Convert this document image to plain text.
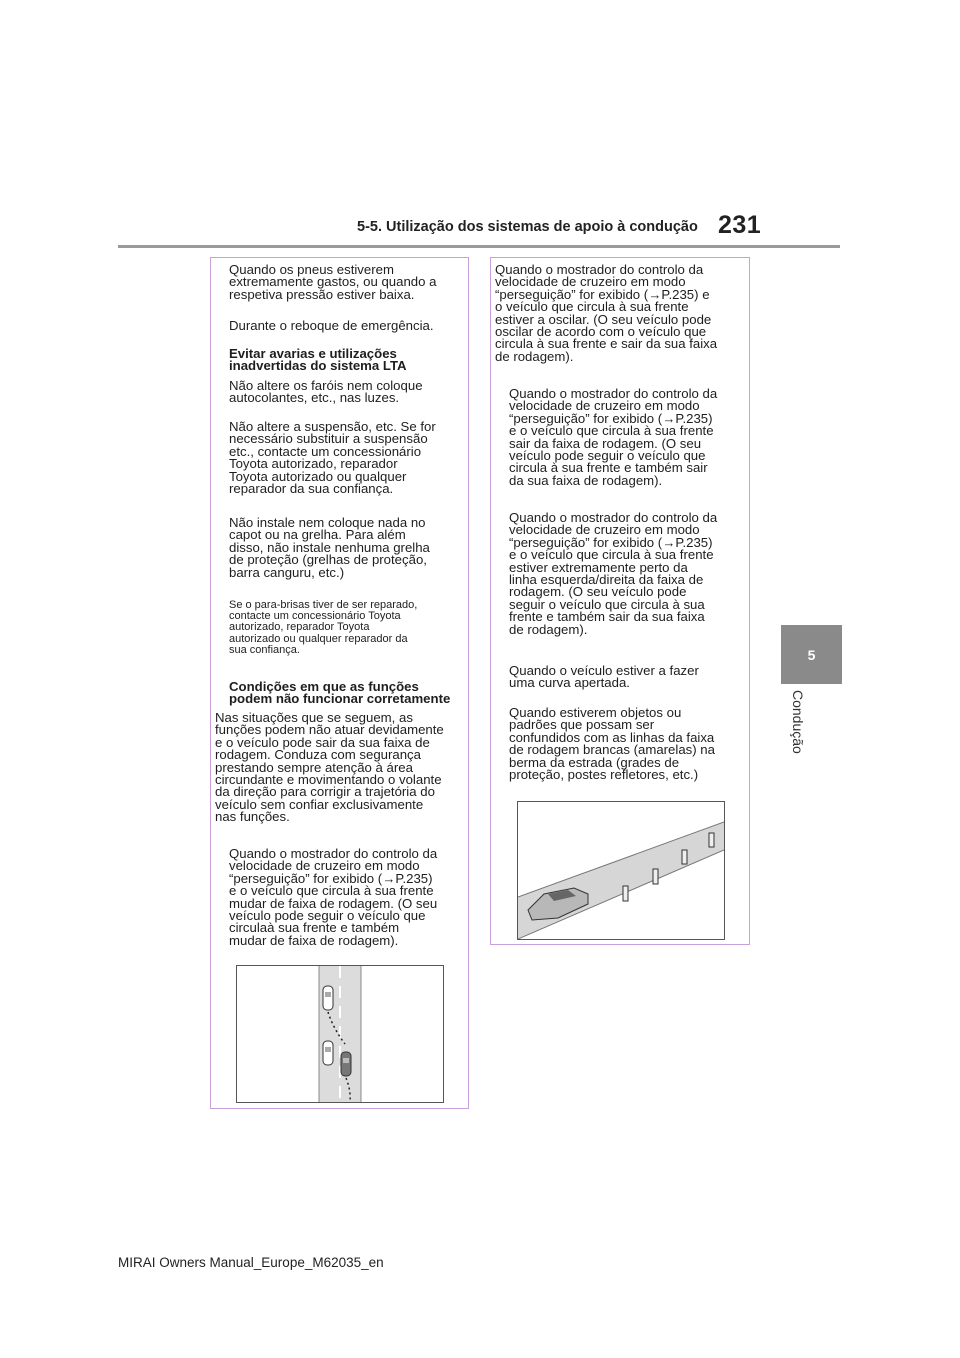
5-5. Utilização dos sistemas de apoio à condução 231
5
Condução
Quando os pneus estiverem
extremamente gastos, ou quando a
respetiva pressão estiver baixa.
Durante o reboque de emergência.
Evitar avarias e utilizações
inadvertidas do sistema LTA
Não altere os faróis nem coloque
autocolantes, etc., nas luzes.
Não altere a suspensão, etc. Se for
necessário substituir a suspensão
etc., contacte um concessionário
Toyota autorizado, reparador
Toyota autorizado ou qualquer
reparador da sua confiança.
Não instale nem coloque nada no
capot ou na grelha. Para além
disso, não instale nenhuma grelha
de proteção (grelhas de proteção,
barra canguru, etc.)
Se o para-brisas tiver de ser reparado,
contacte um concessionário Toyota
autorizado, reparador Toyota
autorizado ou qualquer reparador da
sua confiança.
Condições em que as funções
podem não funcionar corretamente
Nas situações que se seguem, as
funções podem não atuar devidamente
e o veículo pode sair da sua faixa de
rodagem. Conduza com segurança
prestando sempre atenção à área
circundante e movimentando o volante
da direção para corrigir a trajetória do
veículo sem confiar exclusivamente
nas funções.
Quando o mostrador do controlo da
velocidade de cruzeiro em modo
“perseguição” for exibido (→P.235)
e o veículo que circula à sua frente
mudar de faixa de rodagem. (O seu
veículo pode seguir o veículo que
circulaà sua frente e também
mudar de faixa de rodagem).
Quando o mostrador do controlo da
velocidade de cruzeiro em modo
“perseguição” for exibido (→P.235) e
o veículo que circula à sua frente
estiver a oscilar. (O seu veículo pode
oscilar de acordo com o veículo que
circula à sua frente e sair da sua faixa
de rodagem).
Quando o mostrador do controlo da
velocidade de cruzeiro em modo
“perseguição” for exibido (→P.235)
e o veículo que circula à sua frente
sair da faixa de rodagem. (O seu
veículo pode seguir o veículo que
circula à sua frente e também sair
da sua faixa de rodagem).
Quando o mostrador do controlo da
velocidade de cruzeiro em modo
“perseguição” for exibido (→P.235)
e o veículo que circula à sua frente
estiver extremamente perto da
linha esquerda/direita da faixa de
rodagem. (O seu veículo pode
seguir o veículo que circula à sua
frente e também sair da sua faixa
de rodagem).
Quando o veículo estiver a fazer
uma curva apertada.
Quando estiverem objetos ou
padrões que possam ser
confundidos com as linhas da faixa
de rodagem brancas (amarelas) na
berma da estrada (grades de
proteção, postes refletores, etc.)
MIRAI Owners Manual_Europe_M62035_en
